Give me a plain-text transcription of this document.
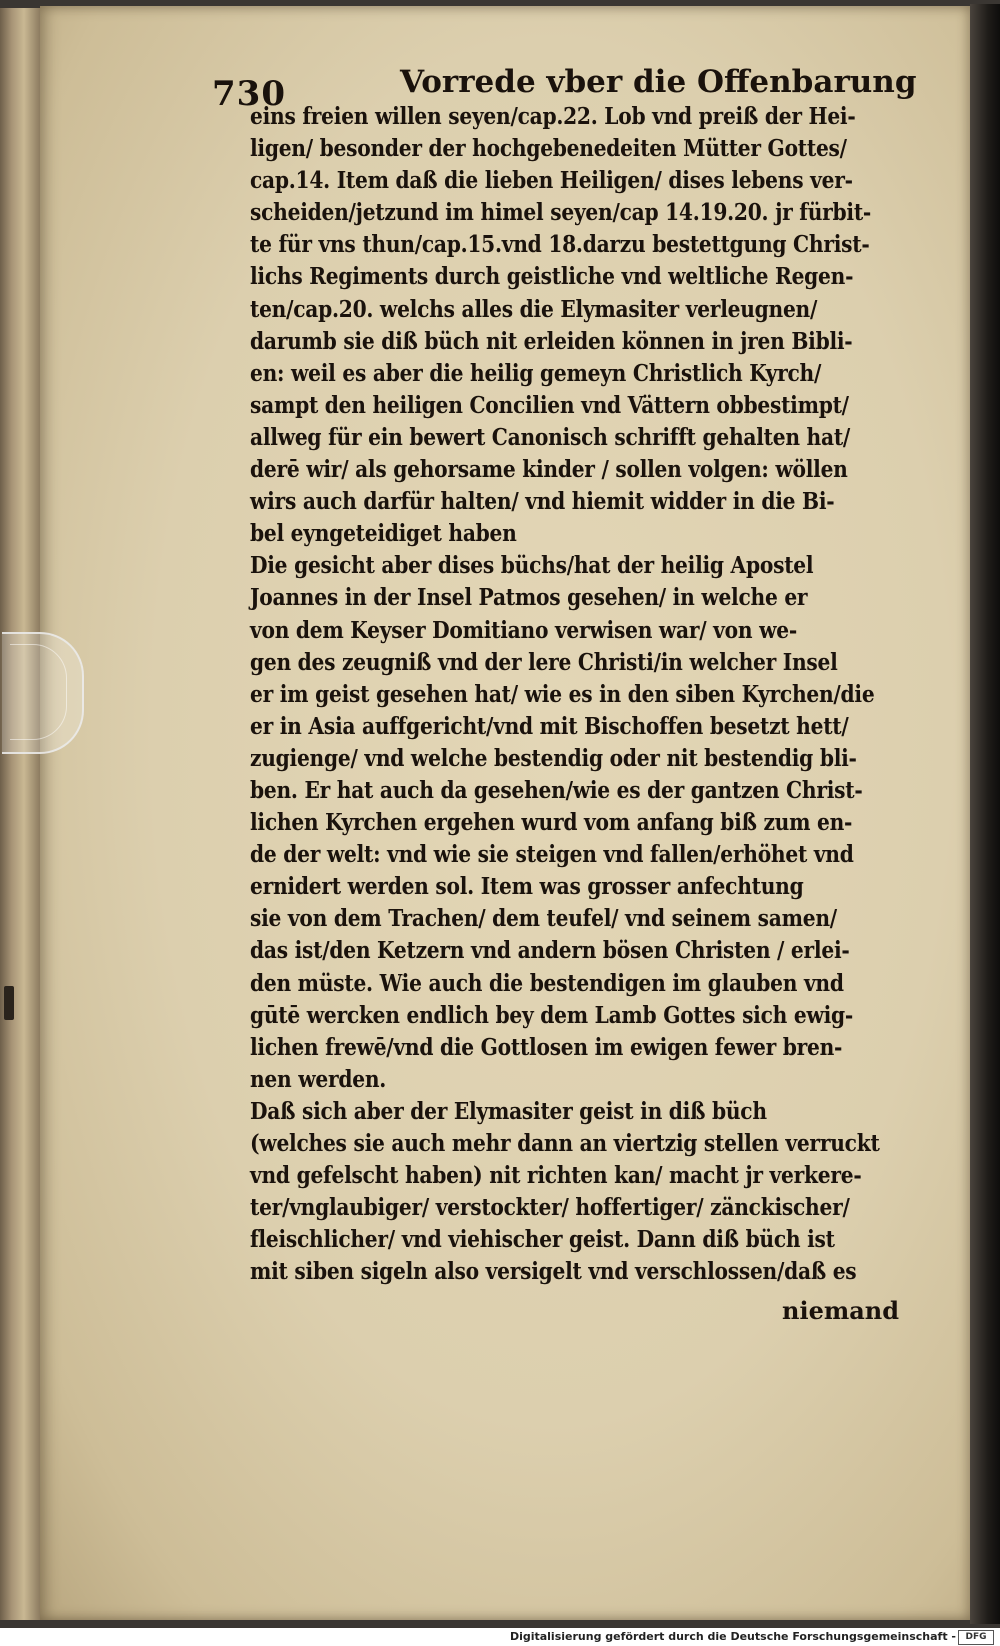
730	Vorrede vber die Offenbarung
eins freien willen seyen/cap.22. Lob vnd preiß der Hei-
ligen/ besonder der hochgebenedeiten Mütter Gottes/
cap.14. Item daß die lieben Heiligen/ dises lebens ver-
scheiden/jetzund im himel seyen/cap 14.19.20. jr fürbit-
te für vns thun/cap.15.vnd 18.darzu bestettgung Christ-
lichs Regiments durch geistliche vnd weltliche Regen-
ten/cap.20. welchs alles die Elymasiter verleugnen/
darumb sie diß büch nit erleiden können in jren Bibli-
en: weil es aber die heilig gemeyn Christlich Kyrch/
sampt den heiligen Concilien vnd Vättern obbestimpt/
allweg für ein bewert Canonisch schrifft gehalten hat/
derē wir/ als gehorsame kinder / sollen volgen: wöllen
wirs auch darfür halten/ vnd hiemit widder in die Bi-
bel eyngeteidiget haben
Die gesicht aber dises büchs/hat der heilig Apostel
Joannes in der Insel Patmos gesehen/ in welche er
von dem Keyser Domitiano verwisen war/ von we-
gen des zeugniß vnd der lere Christi/in welcher Insel
er im geist gesehen hat/ wie es in den siben Kyrchen/die
er in Asia auffgericht/vnd mit Bischoffen besetzt hett/
zugienge/ vnd welche bestendig oder nit bestendig bli-
ben. Er hat auch da gesehen/wie es der gantzen Christ-
lichen Kyrchen ergehen wurd vom anfang biß zum en-
de der welt: vnd wie sie steigen vnd fallen/erhöhet vnd
ernidert werden sol. Item was grosser anfechtung
sie von dem Trachen/ dem teufel/ vnd seinem samen/
das ist/den Ketzern vnd andern bösen Christen / erlei-
den müste. Wie auch die bestendigen im glauben vnd
gūtē wercken endlich bey dem Lamb Gottes sich ewig-
lichen frewē/vnd die Gottlosen im ewigen fewer bren-
nen werden.
Daß sich aber der Elymasiter geist in diß büch
(welches sie auch mehr dann an viertzig stellen verruckt
vnd gefelscht haben) nit richten kan/ macht jr verkere-
ter/vnglaubiger/ verstockter/ hoffertiger/ zänckischer/
fleischlicher/ vnd viehischer geist. Dann diß büch ist
mit siben sigeln also versigelt vnd verschlossen/daß es
niemand
Digitalisierung gefördert durch die Deutsche Forschungsgemeinschaft -	DFG
